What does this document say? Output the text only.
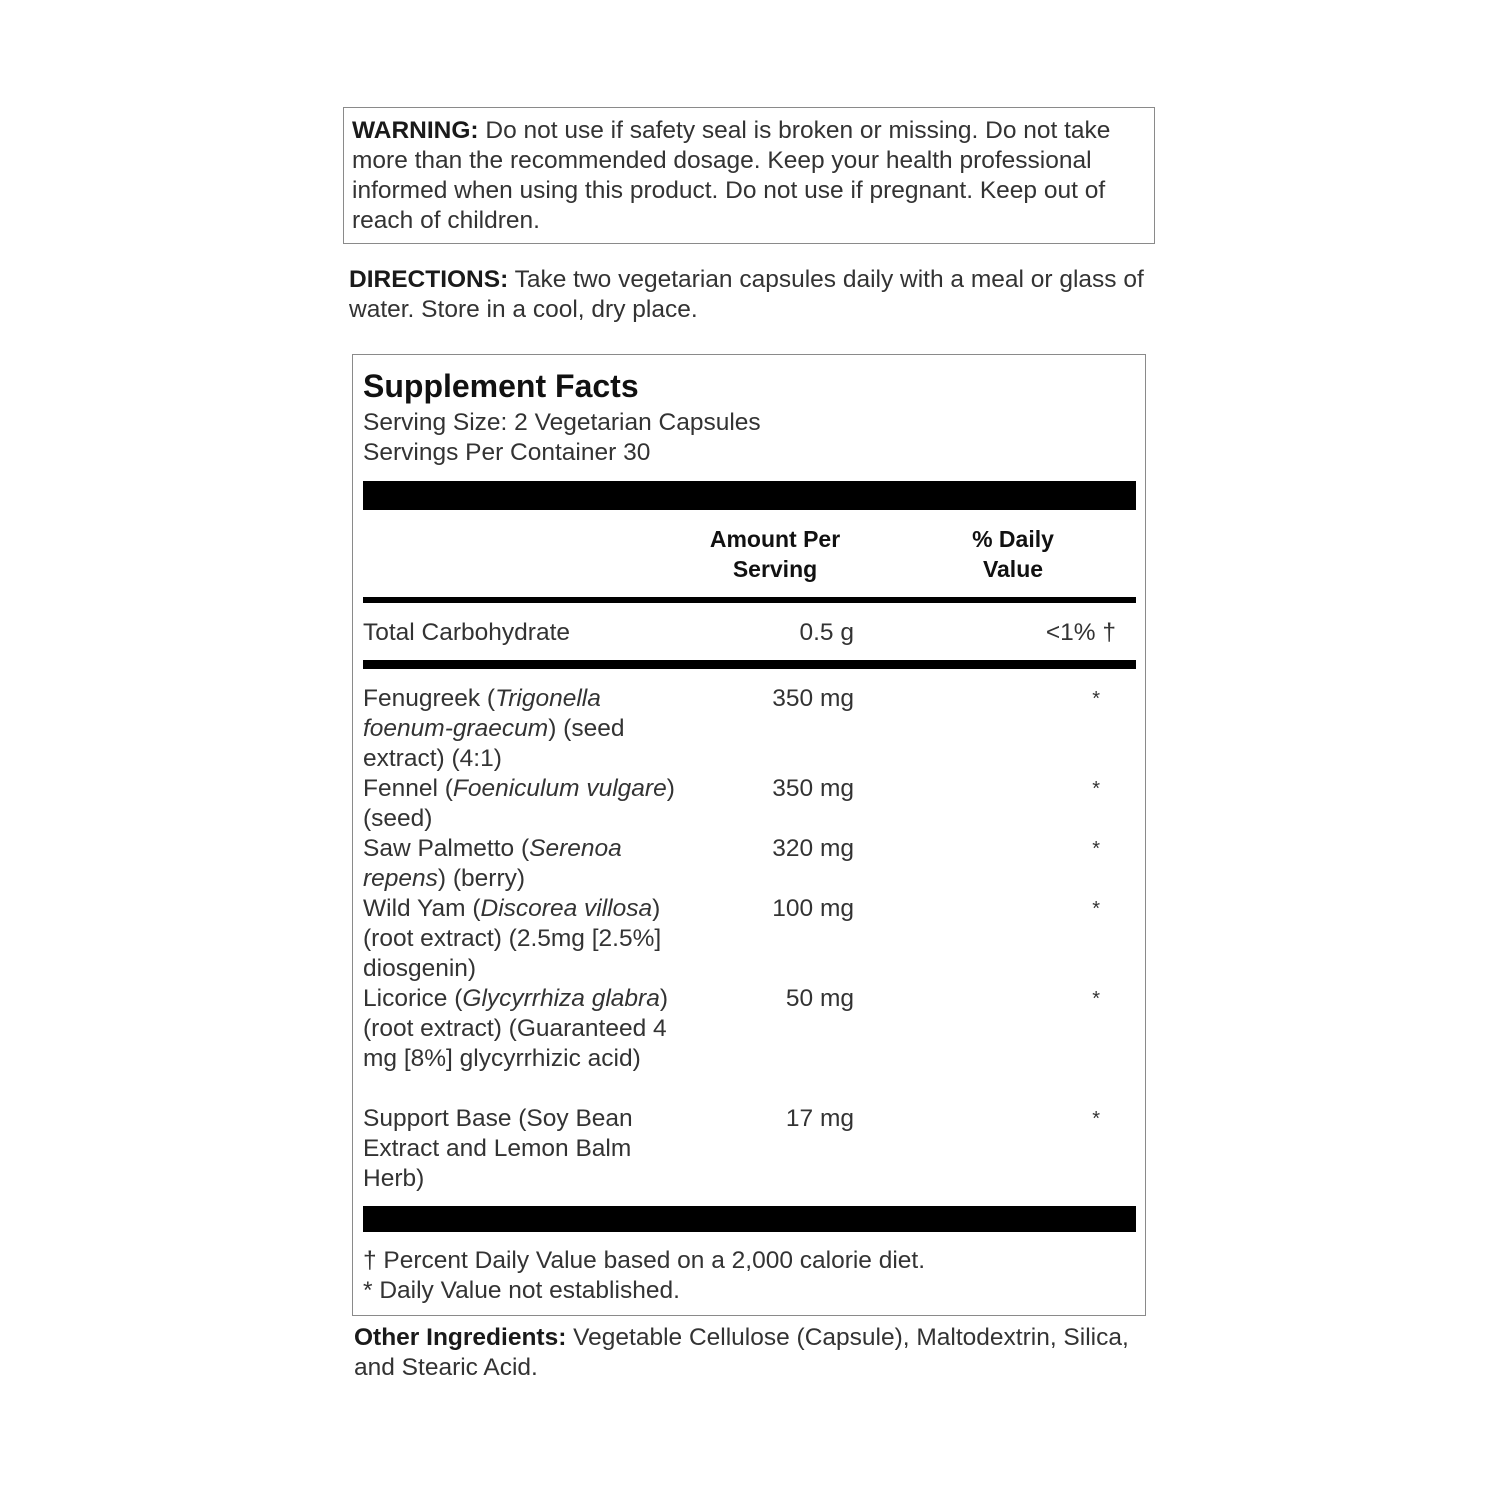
WARNING: Do not use if safety seal is broken or missing. Do not take more than the recommended dosage. Keep your health professional informed when using this product. Do not use if pregnant. Keep out of reach of children.
DIRECTIONS: Take two vegetarian capsules daily with a meal or glass of water. Store in a cool, dry place.
Supplement Facts
Serving Size: 2 Vegetarian Capsules
Servings Per Container 30
Amount Per
Serving
% Daily
Value
Total Carbohydrate	0.5 g	<1% †
Fenugreek (Trigonella foenum-graecum) (seed extract) (4:1)
350 mg	*
Fennel (Foeniculum vulgare) (seed)
350 mg	*
Saw Palmetto (Serenoa repens) (berry)
320 mg	*
Wild Yam (Discorea villosa) (root extract) (2.5mg [2.5%] diosgenin)
100 mg	*
Licorice (Glycyrrhiza glabra) (root extract) (Guaranteed 4 mg [8%] glycyrrhizic acid)
50 mg	*
Support Base (Soy Bean Extract and Lemon Balm Herb)
17 mg	*
† Percent Daily Value based on a 2,000 calorie diet.
* Daily Value not established.
Other Ingredients: Vegetable Cellulose (Capsule), Maltodextrin, Silica, and Stearic Acid.
